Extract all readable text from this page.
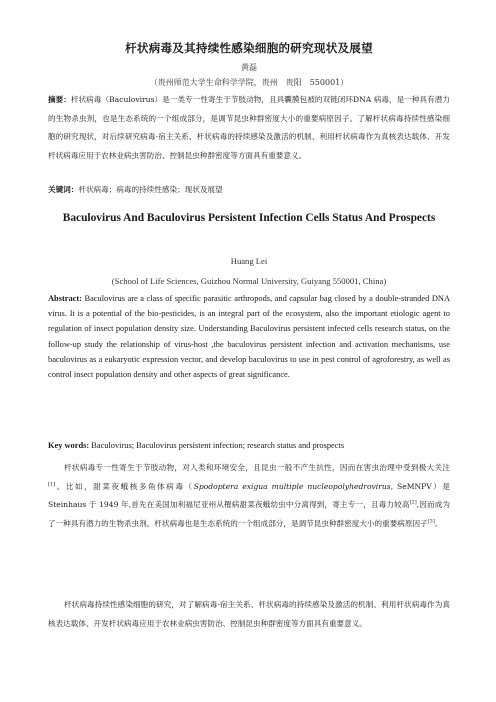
杆状病毒及其持续性感染细胞的研究现状及展望
黄磊
（贵州师范大学生命科学学院，贵州　贵阳　550001）
摘要：杆状病毒（Baculovirus）是一类专一性寄生于节肢动物，且具囊膜包被的双链闭环DNA 病毒，是一种具有潜力的生物杀虫剂，也是生态系统的一个组成部分，是调节昆虫种群密度大小的重要病原因子。了解杆状病毒持续性感染细胞的研究现状，对后续研究病毒-宿主关系、杆状病毒的持续感染及激活的机制、利用杆状病毒作为真核表达载体、开发杆状病毒应用于农林业病虫害防治、控制昆虫种群密度等方面具有重要意义。
关键词：杆状病毒；病毒的持续性感染；现状及展望
Baculovirus And Baculovirus Persistent Infection Cells Status And Prospects
Huang Lei
(School of Life Sciences, Guizhou Normal University, Guiyang 550001, China)
Abstract: Baculovirus are a class of specific parasitic arthropods, and capsular bag closed by a double-stranded DNA virus. It is a potential of the bio-pesticides, is an integral part of the ecosystem, also the important etiologic agent to regulation of insect population density size. Understanding Baculovirus persistent infected cells research status, on the follow-up study the relationship of virus-host ,the baculovirus persistent infection and activation mechanisms, use baculovirus as a eukaryotic expression vector, and develop baculovirus to use in pest control of agroforestry, as well as control insect population density and other aspects of great significance.
Key words: Baculovirus; Baculovirus persistent infection; research status and prospects
杆状病毒专一性寄生于节肢动物，对人类和环境安全，且昆虫一般不产生抗性，因而在害虫治理中受到极大关注[1]。比如，甜菜夜蛾核多角体病毒（Spodoptera exigua multiple nucleopolyhedrovirus, SeMNPV）是 Steinhaus 于 1949 年,首先在美国加利福尼亚州从罹病甜菜夜蛾幼虫中分离得到，寄主专一，且毒力较高[2],因而成为了一种具有潜力的生物杀虫剂。杆状病毒也是生态系统的一个组成部分，是调节昆虫种群密度大小的重要病原因子[3]。
杆状病毒持续性感染细胞的研究，对了解病毒-宿主关系、杆状病毒的持续感染及激活的机制、利用杆状病毒作为真核表达载体、开发杆状病毒应用于农林业病虫害防治、控制昆虫种群密度等方面具有重要意义。
